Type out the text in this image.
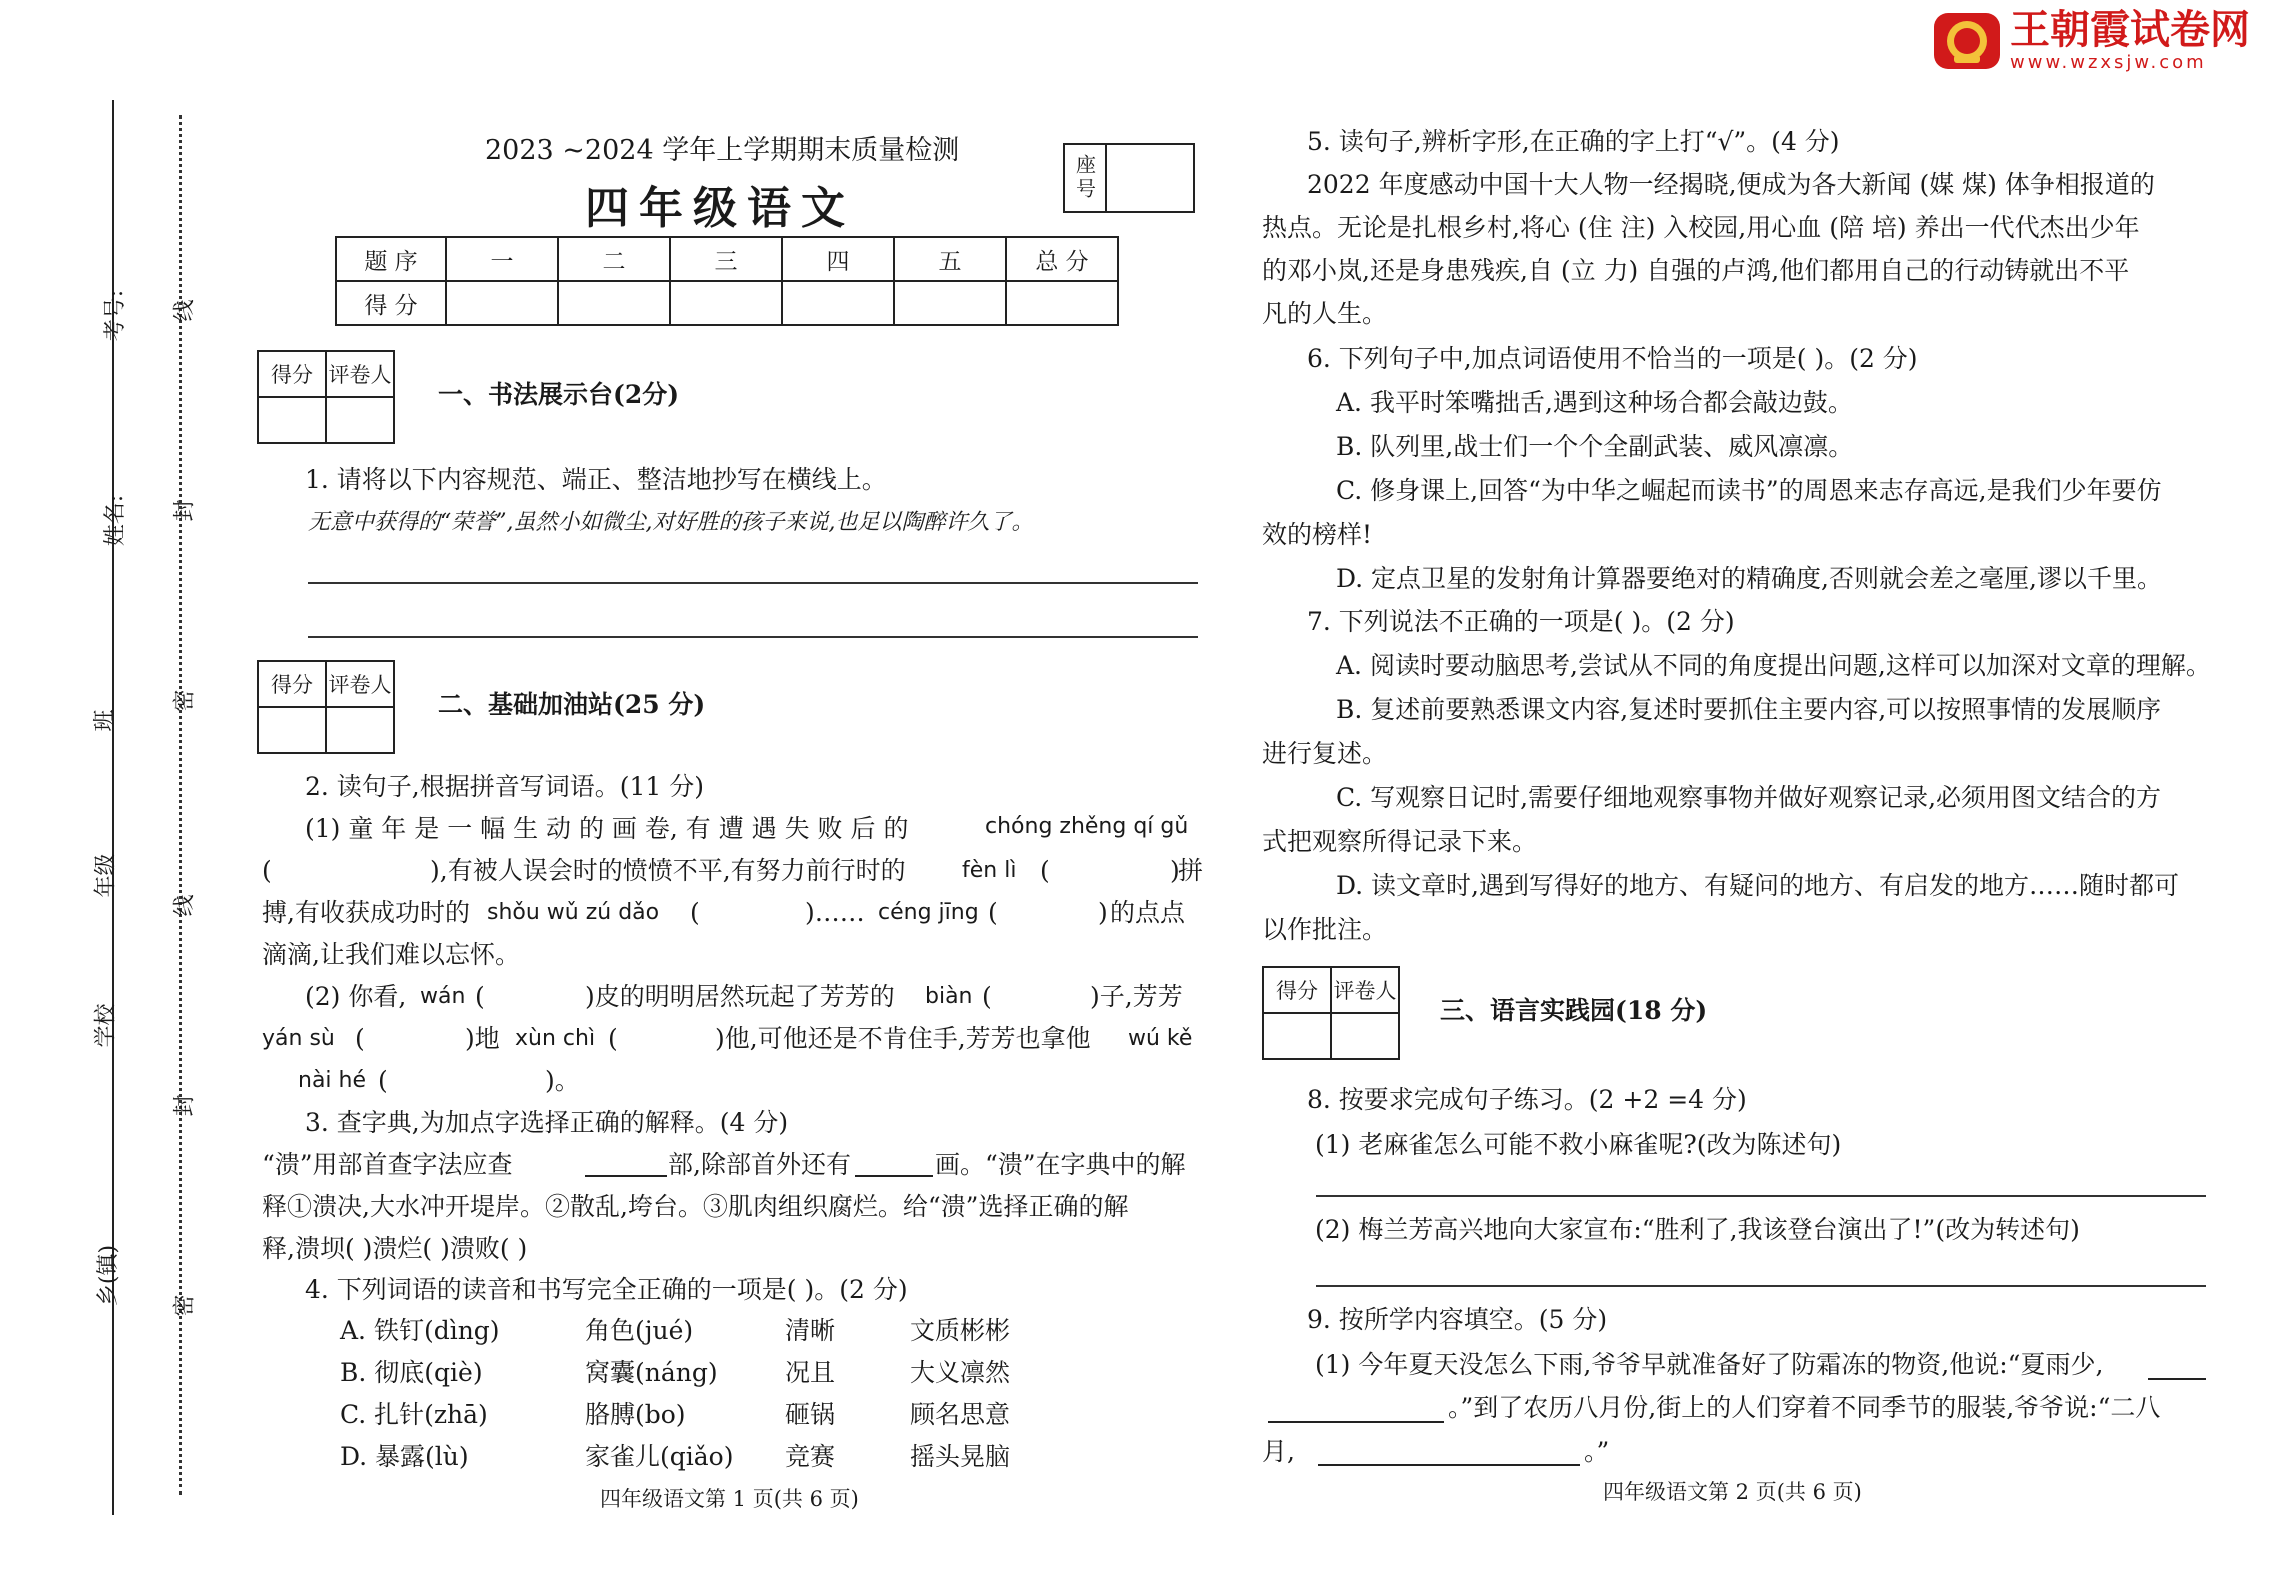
王朝霞试卷网
www.wzxsjw.com
考号:
姓名:
班
年级
学校
乡(镇)
线
封
密
线
封
密
2023 ~2024 学年上学期期末质量检测
四年级语文
座号	
题 序	一	二	三	四	五	总 分
得 分						
得分	评卷人

一、书法展示台(2分)
1. 请将以下内容规范、端正、整洁地抄写在横线上。
无意中获得的“荣誉”,虽然小如微尘,对好胜的孩子来说,也足以陶醉许久了。
得分	评卷人

二、基础加油站(25 分)
2. 读句子,根据拼音写词语。(11 分)
(1) 童 年 是 一 幅 生 动 的 画 卷, 有 遭 遇 失 败 后 的	chóng zhěng qí gǔ
(	),有被人误会时的愤愤不平,有努力前行时的	fèn lì (	)
拼
搏,有收获成功时的 shǒu wǔ zú dǎo (	)…… céng jīng (	) 的点点
滴滴,让我们难以忘怀。
(2) 你看, wán (	)皮的明明居然玩起了芳芳的 biàn (	)子,芳芳
yán sù (	)地 xùn chì (	)他,可他还是不肯住手,芳芳也拿他 wú kě
nài hé (	)。
3. 查字典,为加点字选择正确的解释。(4 分)
“溃”用部首查字法应查	部,除部首外还有	画。“溃”在字典中的解
释①溃决,大水冲开堤岸。②散乱,垮台。③肌肉组织腐烂。给“溃”选择正确的解
释,溃坝( )溃烂( )溃败( )
4. 下列词语的读音和书写完全正确的一项是( )。(2 分)
A. 铁钉(dìng)	角色(jué)	清晰	文质彬彬
B. 彻底(qiè)	窝囊(náng)	况且	大义凛然
C. 扎针(zhā)	胳膊(bo)	砸锅	顾名思意
D. 暴露(lù)	家雀儿(qiǎo) 竞赛	摇头晃脑
四年级语文第 1 页(共 6 页)
5. 读句子,辨析字形,在正确的字上打“√”。(4 分)
2022 年度感动中国十大人物一经揭晓,便成为各大新闻 (媒 煤) 体争相报道的
热点。无论是扎根乡村,将心 (住 注) 入校园,用心血 (陪 培) 养出一代代杰出少年
的邓小岚,还是身患残疾,自 (立 力) 自强的卢鸿,他们都用自己的行动铸就出不平
凡的人生。
6. 下列句子中,加点词语使用不恰当的一项是( )。(2 分)
A. 我平时笨嘴拙舌,遇到这种场合都会敲边鼓。
B. 队列里,战士们一个个全副武装、威风凛凛。
C. 修身课上,回答“为中华之崛起而读书”的周恩来志存高远,是我们少年要仿
效的榜样!
D. 定点卫星的发射角计算器要绝对的精确度,否则就会差之毫厘,谬以千里。
7. 下列说法不正确的一项是( )。(2 分)
A. 阅读时要动脑思考,尝试从不同的角度提出问题,这样可以加深对文章的理解。
B. 复述前要熟悉课文内容,复述时要抓住主要内容,可以按照事情的发展顺序
进行复述。
C. 写观察日记时,需要仔细地观察事物并做好观察记录,必须用图文结合的方
式把观察所得记录下来。
D. 读文章时,遇到写得好的地方、有疑问的地方、有启发的地方……随时都可
以作批注。
得分	评卷人

三、语言实践园(18 分)
8. 按要求完成句子练习。(2 +2 =4 分)
(1) 老麻雀怎么可能不救小麻雀呢?(改为陈述句)
(2) 梅兰芳高兴地向大家宣布:“胜利了,我该登台演出了!”(改为转述句)
9. 按所学内容填空。(5 分)
(1) 今年夏天没怎么下雨,爷爷早就准备好了防霜冻的物资,他说:“夏雨少,
。”到了农历八月份,街上的人们穿着不同季节的服装,爷爷说:“二八
月,	。”
四年级语文第 2 页(共 6 页)
